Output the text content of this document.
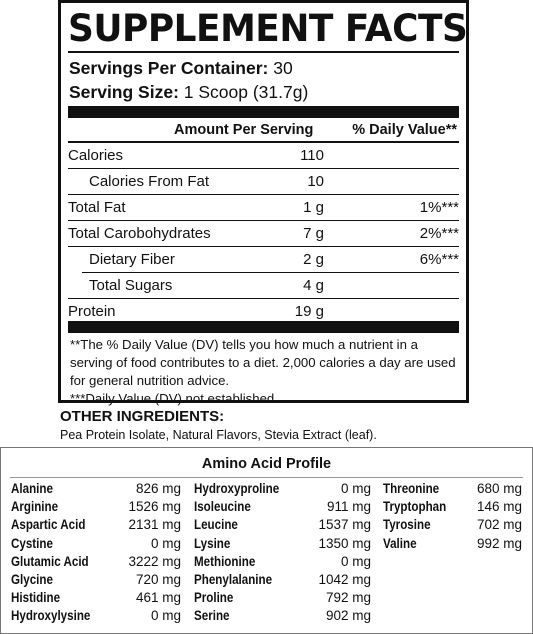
SUPPLEMENT FACTS
Servings Per Container: 30
Serving Size: 1 Scoop (31.7g)
Amount Per Serving	% Daily Value**
Calories	110
Calories From Fat	10
Total Fat	1 g	1%***
Total Carobohydrates	7 g	2%***
Dietary Fiber	2 g	6%***
Total Sugars	4 g
Protein	19 g
**The % Daily Value (DV) tells you how much a nutrient in a serving of food contributes to a diet. 2,000 calories a day are used for general nutrition advice.
***Daily Value (DV) not established.
OTHER INGREDIENTS:
Pea Protein Isolate, Natural Flavors, Stevia Extract (leaf).
Amino Acid Profile
Alanine	826 mg
Arginine	1526 mg
Aspartic Acid	2131 mg
Cystine	0 mg
Glutamic Acid	3222 mg
Glycine	720 mg
Histidine	461 mg
Hydroxylysine	0 mg
Hydroxyproline	0 mg
Isoleucine	911 mg
Leucine	1537 mg
Lysine	1350 mg
Methionine	0 mg
Phenylalanine	1042 mg
Proline	792 mg
Serine	902 mg
Threonine	680 mg
Tryptophan 146 mg
Tyrosine	702 mg
Valine	992 mg
